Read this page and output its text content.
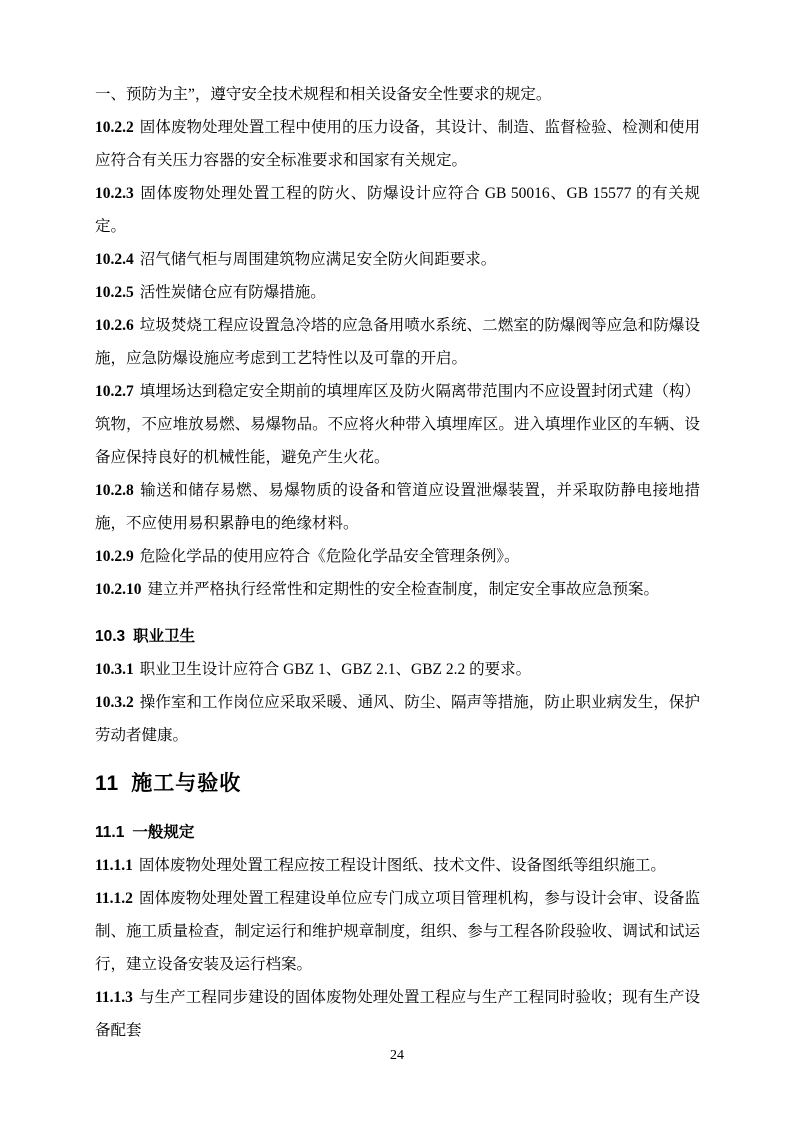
一、预防为主”，遵守安全技术规程和相关设备安全性要求的规定。

10.2.2 固体废物处理处置工程中使用的压力设备，其设计、制造、监督检验、检测和使用应符合有关压力容器的安全标准要求和国家有关规定。

10.2.3 固体废物处理处置工程的防火、防爆设计应符合 GB 50016、GB 15577 的有关规定。

10.2.4 沼气储气柜与周围建筑物应满足安全防火间距要求。

10.2.5 活性炭储仓应有防爆措施。

10.2.6 垃圾焚烧工程应设置急冷塔的应急备用喷水系统、二燃室的防爆阀等应急和防爆设施，应急防爆设施应考虑到工艺特性以及可靠的开启。

10.2.7 填埋场达到稳定安全期前的填埋库区及防火隔离带范围内不应设置封闭式建（构）筑物，不应堆放易燃、易爆物品。不应将火种带入填埋库区。进入填埋作业区的车辆、设备应保持良好的机械性能，避免产生火花。

10.2.8 输送和储存易燃、易爆物质的设备和管道应设置泄爆装置，并采取防静电接地措施，不应使用易积累静电的绝缘材料。

10.2.9 危险化学品的使用应符合《危险化学品安全管理条例》。

10.2.10 建立并严格执行经常性和定期性的安全检查制度，制定安全事故应急预案。

10.3 职业卫生

10.3.1 职业卫生设计应符合 GBZ 1、GBZ 2.1、GBZ 2.2 的要求。

10.3.2 操作室和工作岗位应采取采暖、通风、防尘、隔声等措施，防止职业病发生，保护劳动者健康。

11 施工与验收
11.1 一般规定

11.1.1 固体废物处理处置工程应按工程设计图纸、技术文件、设备图纸等组织施工。

11.1.2 固体废物处理处置工程建设单位应专门成立项目管理机构，参与设计会审、设备监制、施工质量检查，制定运行和维护规章制度，组织、参与工程各阶段验收、调试和试运行，建立设备安装及运行档案。

11.1.3 与生产工程同步建设的固体废物处理处置工程应与生产工程同时验收；现有生产设备配套

24
